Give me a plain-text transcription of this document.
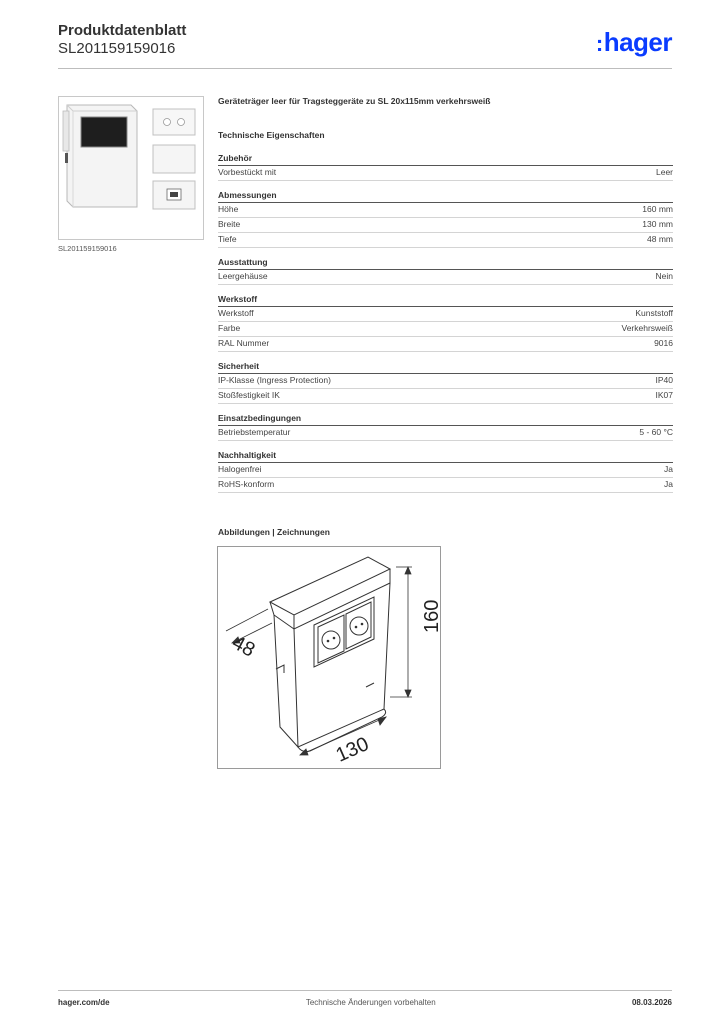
Produktdatenblatt
SL201159159016	:hager
SL201159159016
Geräteträger leer für Tragsteggeräte zu SL 20x115mm verkehrsweiß
Technische Eigenschaften
Zubehör
Vorbestückt mit	Leer
Abmessungen
Höhe	160 mm
Breite	130 mm
Tiefe	48 mm
Ausstattung
Leergehäuse	Nein
Werkstoff
Werkstoff	Kunststoff
Farbe	Verkehrsweiß
RAL Nummer	9016
Sicherheit
IP-Klasse (Ingress Protection)	IP40
Stoßfestigkeit IK	IK07
Einsatzbedingungen
Betriebstemperatur	5 - 60 °C
Nachhaltigkeit
Halogenfrei	Ja
RoHS-konform	Ja
Abbildungen | Zeichnungen
48
160
130
hager.com/de	Technische Änderungen vorbehalten	08.03.2026
